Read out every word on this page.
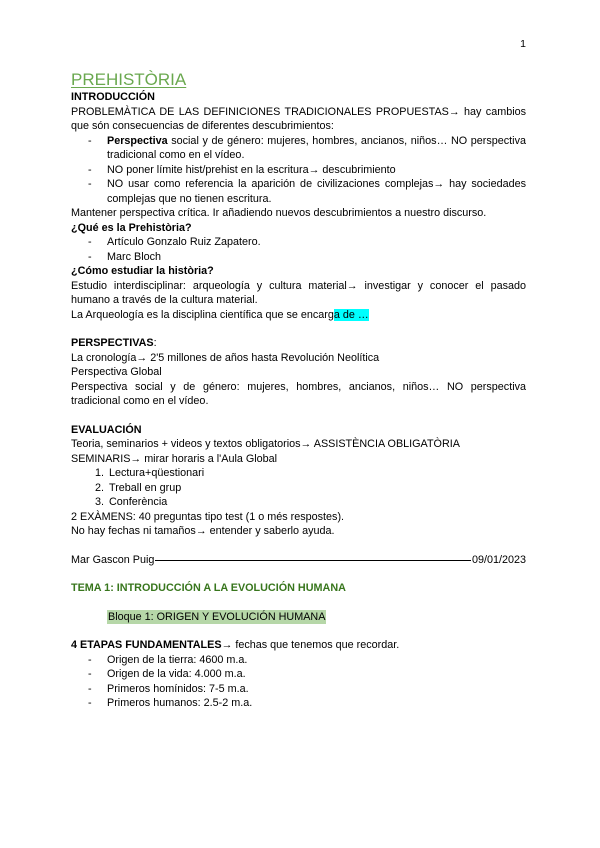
1
PREHISTÒRIA

INTRODUCCIÓN

PROBLEMÀTICA DE LAS DEFINICIONES TRADICIONALES PROPUESTAS→ hay cambios que són consecuencias de diferentes descubrimientos:

- Perspectiva social y de género: mujeres, hombres, ancianos, niños… NO perspectiva tradicional como en el vídeo.
- NO poner límite hist/prehist en la escritura→ descubrimiento
- NO usar como referencia la aparición de civilizaciones complejas→ hay sociedades complejas que no tienen escritura.

Mantener perspectiva crítica. Ir añadiendo nuevos descubrimientos a nuestro discurso.

¿Qué es la Prehistòria?

- Artículo Gonzalo Ruiz Zapatero.
- Marc Bloch

¿Cómo estudiar la història?

Estudio interdisciplinar: arqueología y cultura material→ investigar y conocer el pasado humano a través de la cultura material.

La Arqueología es la disciplina científica que se encarga de …

PERSPECTIVAS:

La cronología→ 2'5 millones de años hasta Revolución Neolítica

Perspectiva Global

Perspectiva social y de género: mujeres, hombres, ancianos, niños… NO perspectiva tradicional como en el vídeo.

EVALUACIÓN

Teoria, seminarios + videos y textos obligatorios→ ASSISTÈNCIA OBLIGATÒRIA

SEMINARIS→ mirar horaris a l'Aula Global

1. Lectura+qüestionari
2. Treball en grup
3. Conferència

2 EXÀMENS: 40 preguntas tipo test (1 o més respostes).

No hay fechas ni tamaños→ entender y saberlo ayuda.

Mar Gascon Puig	09/01/2023

TEMA 1: INTRODUCCIÓN A LA EVOLUCIÓN HUMANA

Bloque 1: ORIGEN Y EVOLUCIÓN HUMANA

4 ETAPAS FUNDAMENTALES→ fechas que tenemos que recordar.

- Origen de la tierra: 4600 m.a.
- Origen de la vida: 4.000 m.a.
- Primeros homínidos: 7-5 m.a.
- Primeros humanos: 2.5-2 m.a.
